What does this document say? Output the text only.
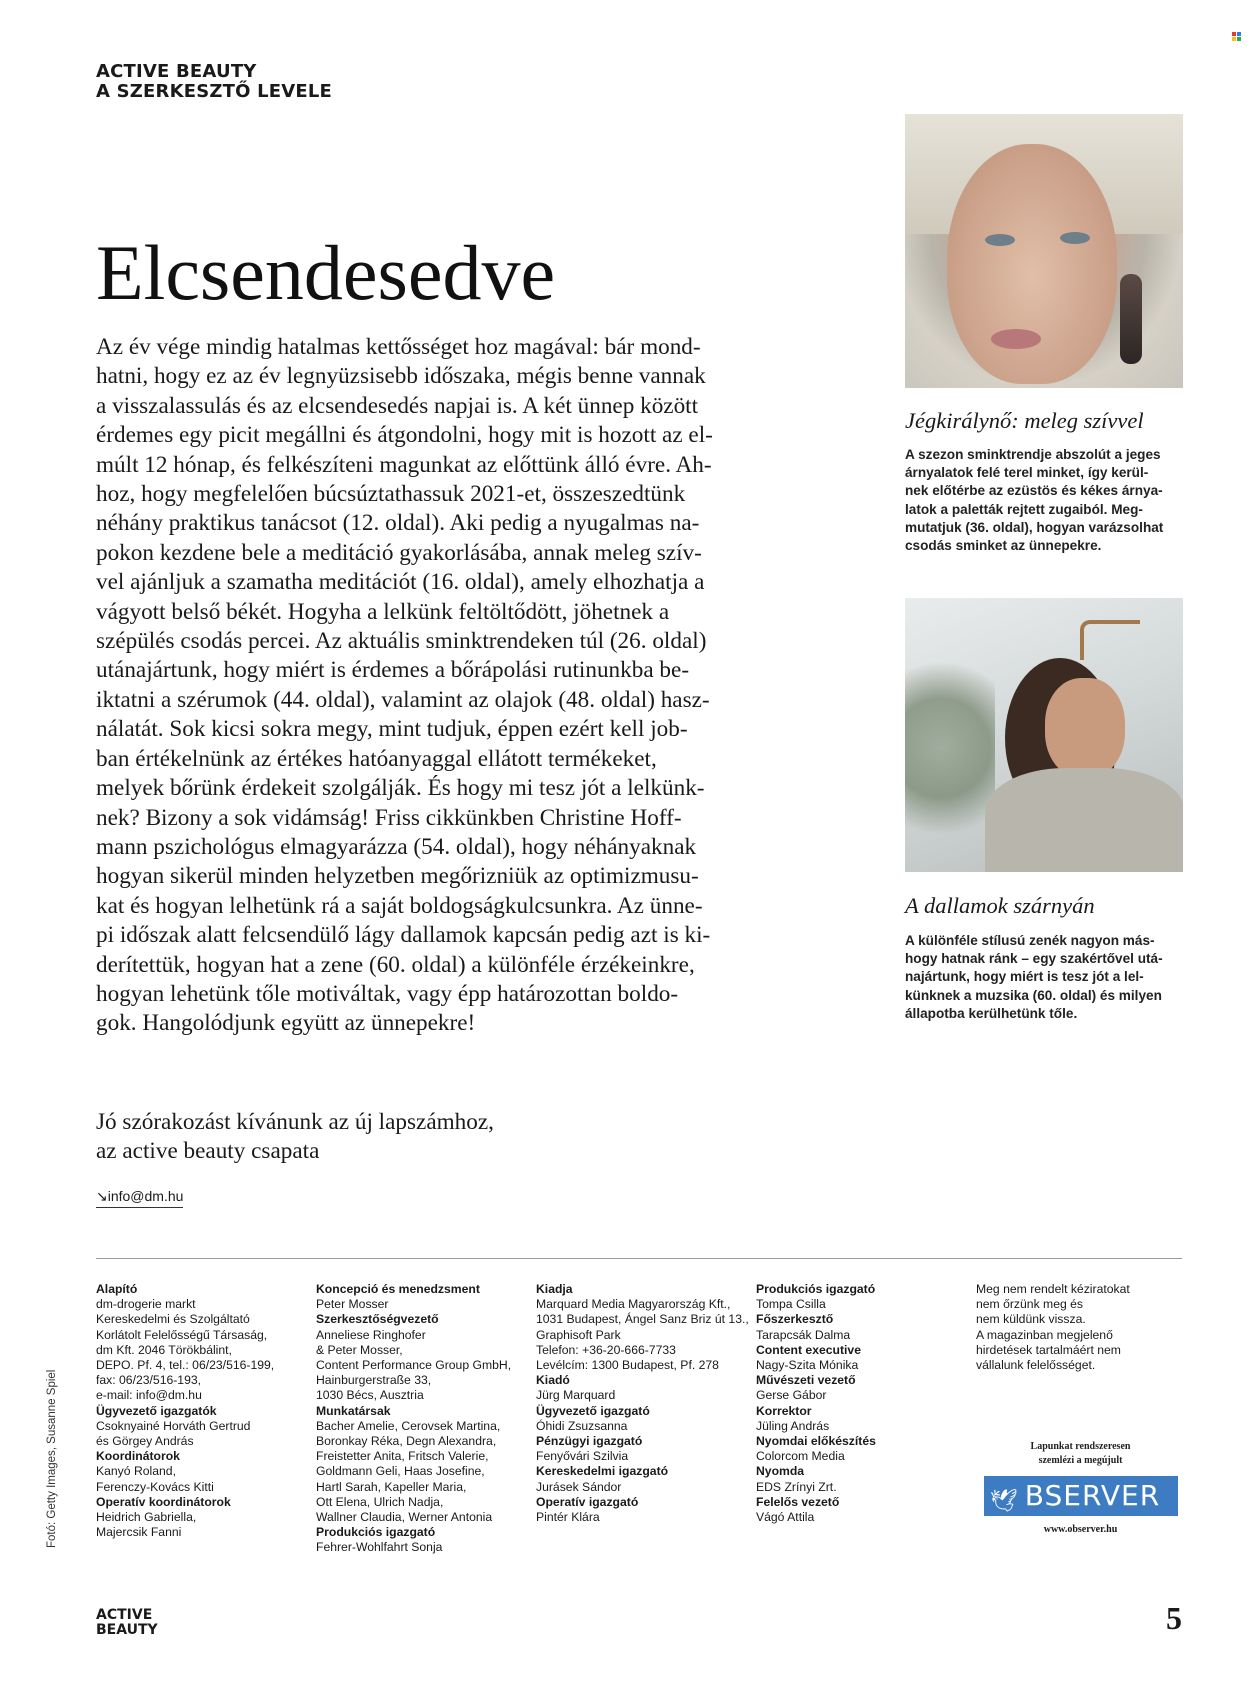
ACTIVE BEAUTY
A SZERKESZTŐ LEVELE
Elcsendesedve
Az év vége mindig hatalmas kettősséget hoz magával: bár mond-
hatni, hogy ez az év legnyüzsisebb időszaka, mégis benne vannak
a visszalassulás és az elcsendesedés napjai is. A két ünnep között
érdemes egy picit megállni és átgondolni, hogy mit is hozott az el-
múlt 12 hónap, és felkészíteni magunkat az előttünk álló évre. Ah-
hoz, hogy megfelelően búcsúztathassuk 2021-et, összeszedtünk
néhány praktikus tanácsot (12. oldal). Aki pedig a nyugalmas na-
pokon kezdene bele a meditáció gyakorlásába, annak meleg szív-
vel ajánljuk a szamatha meditációt (16. oldal), amely elhozhatja a
vágyott belső békét. Hogyha a lelkünk feltöltődött, jöhetnek a
szépülés csodás percei. Az aktuális sminktrendeken túl (26. oldal)
utánajártunk, hogy miért is érdemes a bőrápolási rutinunkba be-
iktatni a szérumok (44. oldal), valamint az olajok (48. oldal) hasz-
nálatát. Sok kicsi sokra megy, mint tudjuk, éppen ezért kell job-
ban értékelnünk az értékes hatóanyaggal ellátott termékeket,
melyek bőrünk érdekeit szolgálják. És hogy mi tesz jót a lelkünk-
nek? Bizony a sok vidámság! Friss cikkünkben Christine Hoff-
mann pszichológus elmagyarázza (54. oldal), hogy néhányaknak
hogyan sikerül minden helyzetben megőrizniük az optimizmusu-
kat és hogyan lelhetünk rá a saját boldogságkulcsunkra. Az ünne-
pi időszak alatt felcsendülő lágy dallamok kapcsán pedig azt is ki-
derítettük, hogyan hat a zene (60. oldal) a különféle érzékeinkre,
hogyan lehetünk tőle motiváltak, vagy épp határozottan boldo-
gok. Hangolódjunk együtt az ünnepekre!
Jó szórakozást kívánunk az új lapszámhoz,
az active beauty csapata
↘info@dm.hu
Jégkirálynő: meleg szívvel
A szezon sminktrendje abszolút a jeges
árnyalatok felé terel minket, így kerül-
nek előtérbe az ezüstös és kékes árnya-
latok a paletták rejtett zugaiból. Meg-
mutatjuk (36. oldal), hogyan varázsolhat
csodás sminket az ünnepekre.
A dallamok szárnyán
A különféle stílusú zenék nagyon más-
hogy hatnak ránk – egy szakértővel utá-
najártunk, hogy miért is tesz jót a lel-
künknek a muzsika (60. oldal) és milyen
állapotba kerülhetünk tőle.
Alapító
dm-drogerie markt
Kereskedelmi és Szolgáltató
Korlátolt Felelősségű Társaság,
dm Kft. 2046 Törökbálint,
DEPO. Pf. 4, tel.: 06/23/516-199,
fax: 06/23/516-193,
e-mail: info@dm.hu
Ügyvezető igazgatók
Csoknyainé Horváth Gertrud
és Görgey András
Koordinátorok
Kanyó Roland,
Ferenczy-Kovács Kitti
Operatív koordinátorok
Heidrich Gabriella,
Majercsik Fanni
Koncepció és menedzsment
Peter Mosser
Szerkesztőségvezető
Anneliese Ringhofer
& Peter Mosser,
Content Performance Group GmbH,
Hainburgerstraße 33,
1030 Bécs, Ausztria
Munkatársak
Bacher Amelie, Cerovsek Martina,
Boronkay Réka, Degn Alexandra,
Freistetter Anita, Fritsch Valerie,
Goldmann Geli, Haas Josefine,
Hartl Sarah, Kapeller Maria,
Ott Elena, Ulrich Nadja,
Wallner Claudia, Werner Antonia
Produkciós igazgató
Fehrer-Wohlfahrt Sonja
Kiadja
Marquard Media Magyarország Kft.,
1031 Budapest, Ángel Sanz Briz út 13.,
Graphisoft Park
Telefon: +36-20-666-7733
Levélcím: 1300 Budapest, Pf. 278
Kiadó
Jürg Marquard
Ügyvezető igazgató
Óhidi Zsuzsanna
Pénzügyi igazgató
Fenyővári Szilvia
Kereskedelmi igazgató
Jurásek Sándor
Operatív igazgató
Pintér Klára
Produkciós igazgató
Tompa Csilla
Főszerkesztő
Tarapcsák Dalma
Content executive
Nagy-Szita Mónika
Művészeti vezető
Gerse Gábor
Korrektor
Jüling András
Nyomdai előkészítés
Colorcom Media
Nyomda
EDS Zrínyi Zrt.
Felelős vezető
Vágó Attila
Meg nem rendelt kéziratokat
nem őrzünk meg és
nem küldünk vissza.
A magazinban megjelenő
hirdetések tartalmáért nem
vállalunk felelősséget.
Fotó: Getty Images, Susanne Spiel	Lapunkat rendszeresen
szemlézi a megújult
🕊 BSERVER
www.observer.hu
ACTIVE
BEAUTY	5
